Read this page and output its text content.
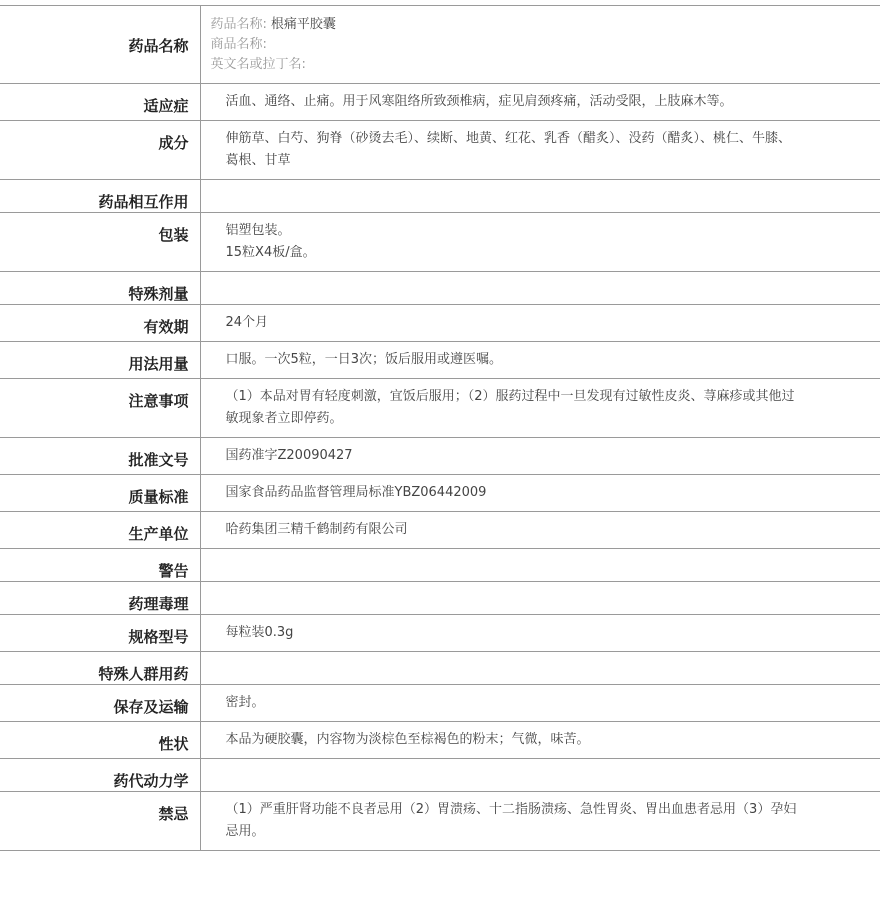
药品名称	药品名称: 根痛平胶囊
商品名称:
英文名或拉丁名:

适应症	活血、通络、止痛。用于风寒阻络所致颈椎病，症见肩颈疼痛，活动受限，上肢麻木等。
成分	伸筋草、白芍、狗脊（砂烫去毛）、续断、地黄、红花、乳香（醋炙）、没药（醋炙）、桃仁、牛膝、葛根、甘草
药品相互作用	
包装	铝塑包装。
15粒X4板/盒。

特殊剂量	
有效期	24个月
用法用量	口服。一次5粒，一日3次；饭后服用或遵医嘱。
注意事项	（1）本品对胃有轻度刺激，宜饭后服用；（2）服药过程中一旦发现有过敏性皮炎、荨麻疹或其他过敏现象者立即停药。
批准文号	国药准字Z20090427
质量标准	国家食品药品监督管理局标准YBZ06442009
生产单位	哈药集团三精千鹤制药有限公司
警告	
药理毒理	
规格型号	每粒装0.3g
特殊人群用药	
保存及运输	密封。
性状	本品为硬胶囊，内容物为淡棕色至棕褐色的粉末；气微，味苦。
药代动力学	
禁忌	（1）严重肝肾功能不良者忌用（2）胃溃疡、十二指肠溃疡、急性胃炎、胃出血患者忌用（3）孕妇忌用。
